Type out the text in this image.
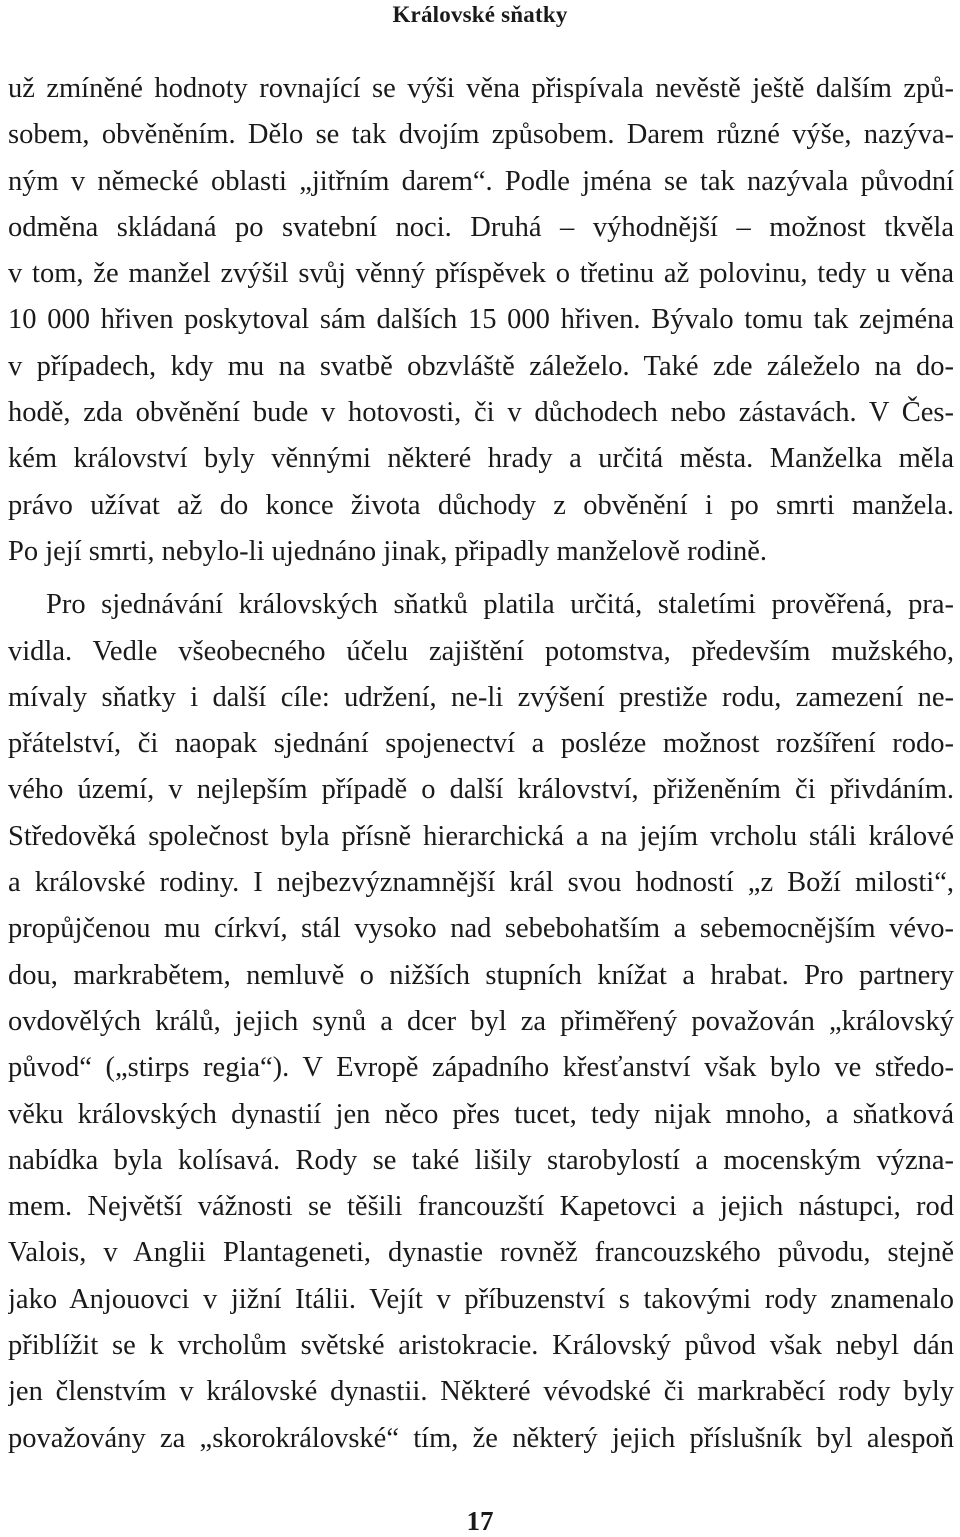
Královské sňatky
už zmíněné hodnoty rovnající se výši věna přispívala nevěstě ještě dalším způ-
sobem, obvěněním. Dělo se tak dvojím způsobem. Darem různé výše, nazýva-
ným v německé oblasti „jitřním darem“. Podle jména se tak nazývala původní
odměna skládaná po svatební noci. Druhá – výhodnější – možnost tkvěla
v tom, že manžel zvýšil svůj věnný příspěvek o třetinu až polovinu, tedy u věna
10 000 hřiven poskytoval sám dalších 15 000 hřiven. Bývalo tomu tak zejména
v případech, kdy mu na svatbě obzvláště záleželo. Také zde záleželo na do-
hodě, zda obvěnění bude v hotovosti, či v důchodech nebo zástavách. V Čes-
kém království byly věnnými některé hrady a určitá města. Manželka měla
právo užívat až do konce života důchody z obvěnění i po smrti manžela.
Po její smrti, nebylo-li ujednáno jinak, připadly manželově rodině.
Pro sjednávání královských sňatků platila určitá, staletími prověřená, pra-
vidla. Vedle všeobecného účelu zajištění potomstva, především mužského,
mívaly sňatky i další cíle: udržení, ne-li zvýšení prestiže rodu, zamezení ne-
přátelství, či naopak sjednání spojenectví a posléze možnost rozšíření rodo-
vého území, v nejlepším případě o další království, přiženěním či přivdáním.
Středověká společnost byla přísně hierarchická a na jejím vrcholu stáli králové
a královské rodiny. I nejbezvýznamnější král svou hodností „z Boží milosti“,
propůjčenou mu církví, stál vysoko nad sebebohatším a sebemocnějším vévo-
dou, markrabětem, nemluvě o nižších stupních knížat a hrabat. Pro partnery
ovdovělých králů, jejich synů a dcer byl za přiměřený považován „královský
původ“ („stirps regia“). V Evropě západního křesťanství však bylo ve středo-
věku královských dynastií jen něco přes tucet, tedy nijak mnoho, a sňatková
nabídka byla kolísavá. Rody se také lišily starobylostí a mocenským význa-
mem. Největší vážnosti se těšili francouzští Kapetovci a jejich nástupci, rod
Valois, v Anglii Plantageneti, dynastie rovněž francouzského původu, stejně
jako Anjouovci v jižní Itálii. Vejít v příbuzenství s takovými rody znamenalo
přiblížit se k vrcholům světské aristokracie. Královský původ však nebyl dán
jen členstvím v královské dynastii. Některé vévodské či markraběcí rody byly
považovány za „skorokrálovské“ tím, že některý jejich příslušník byl alespoň
17
